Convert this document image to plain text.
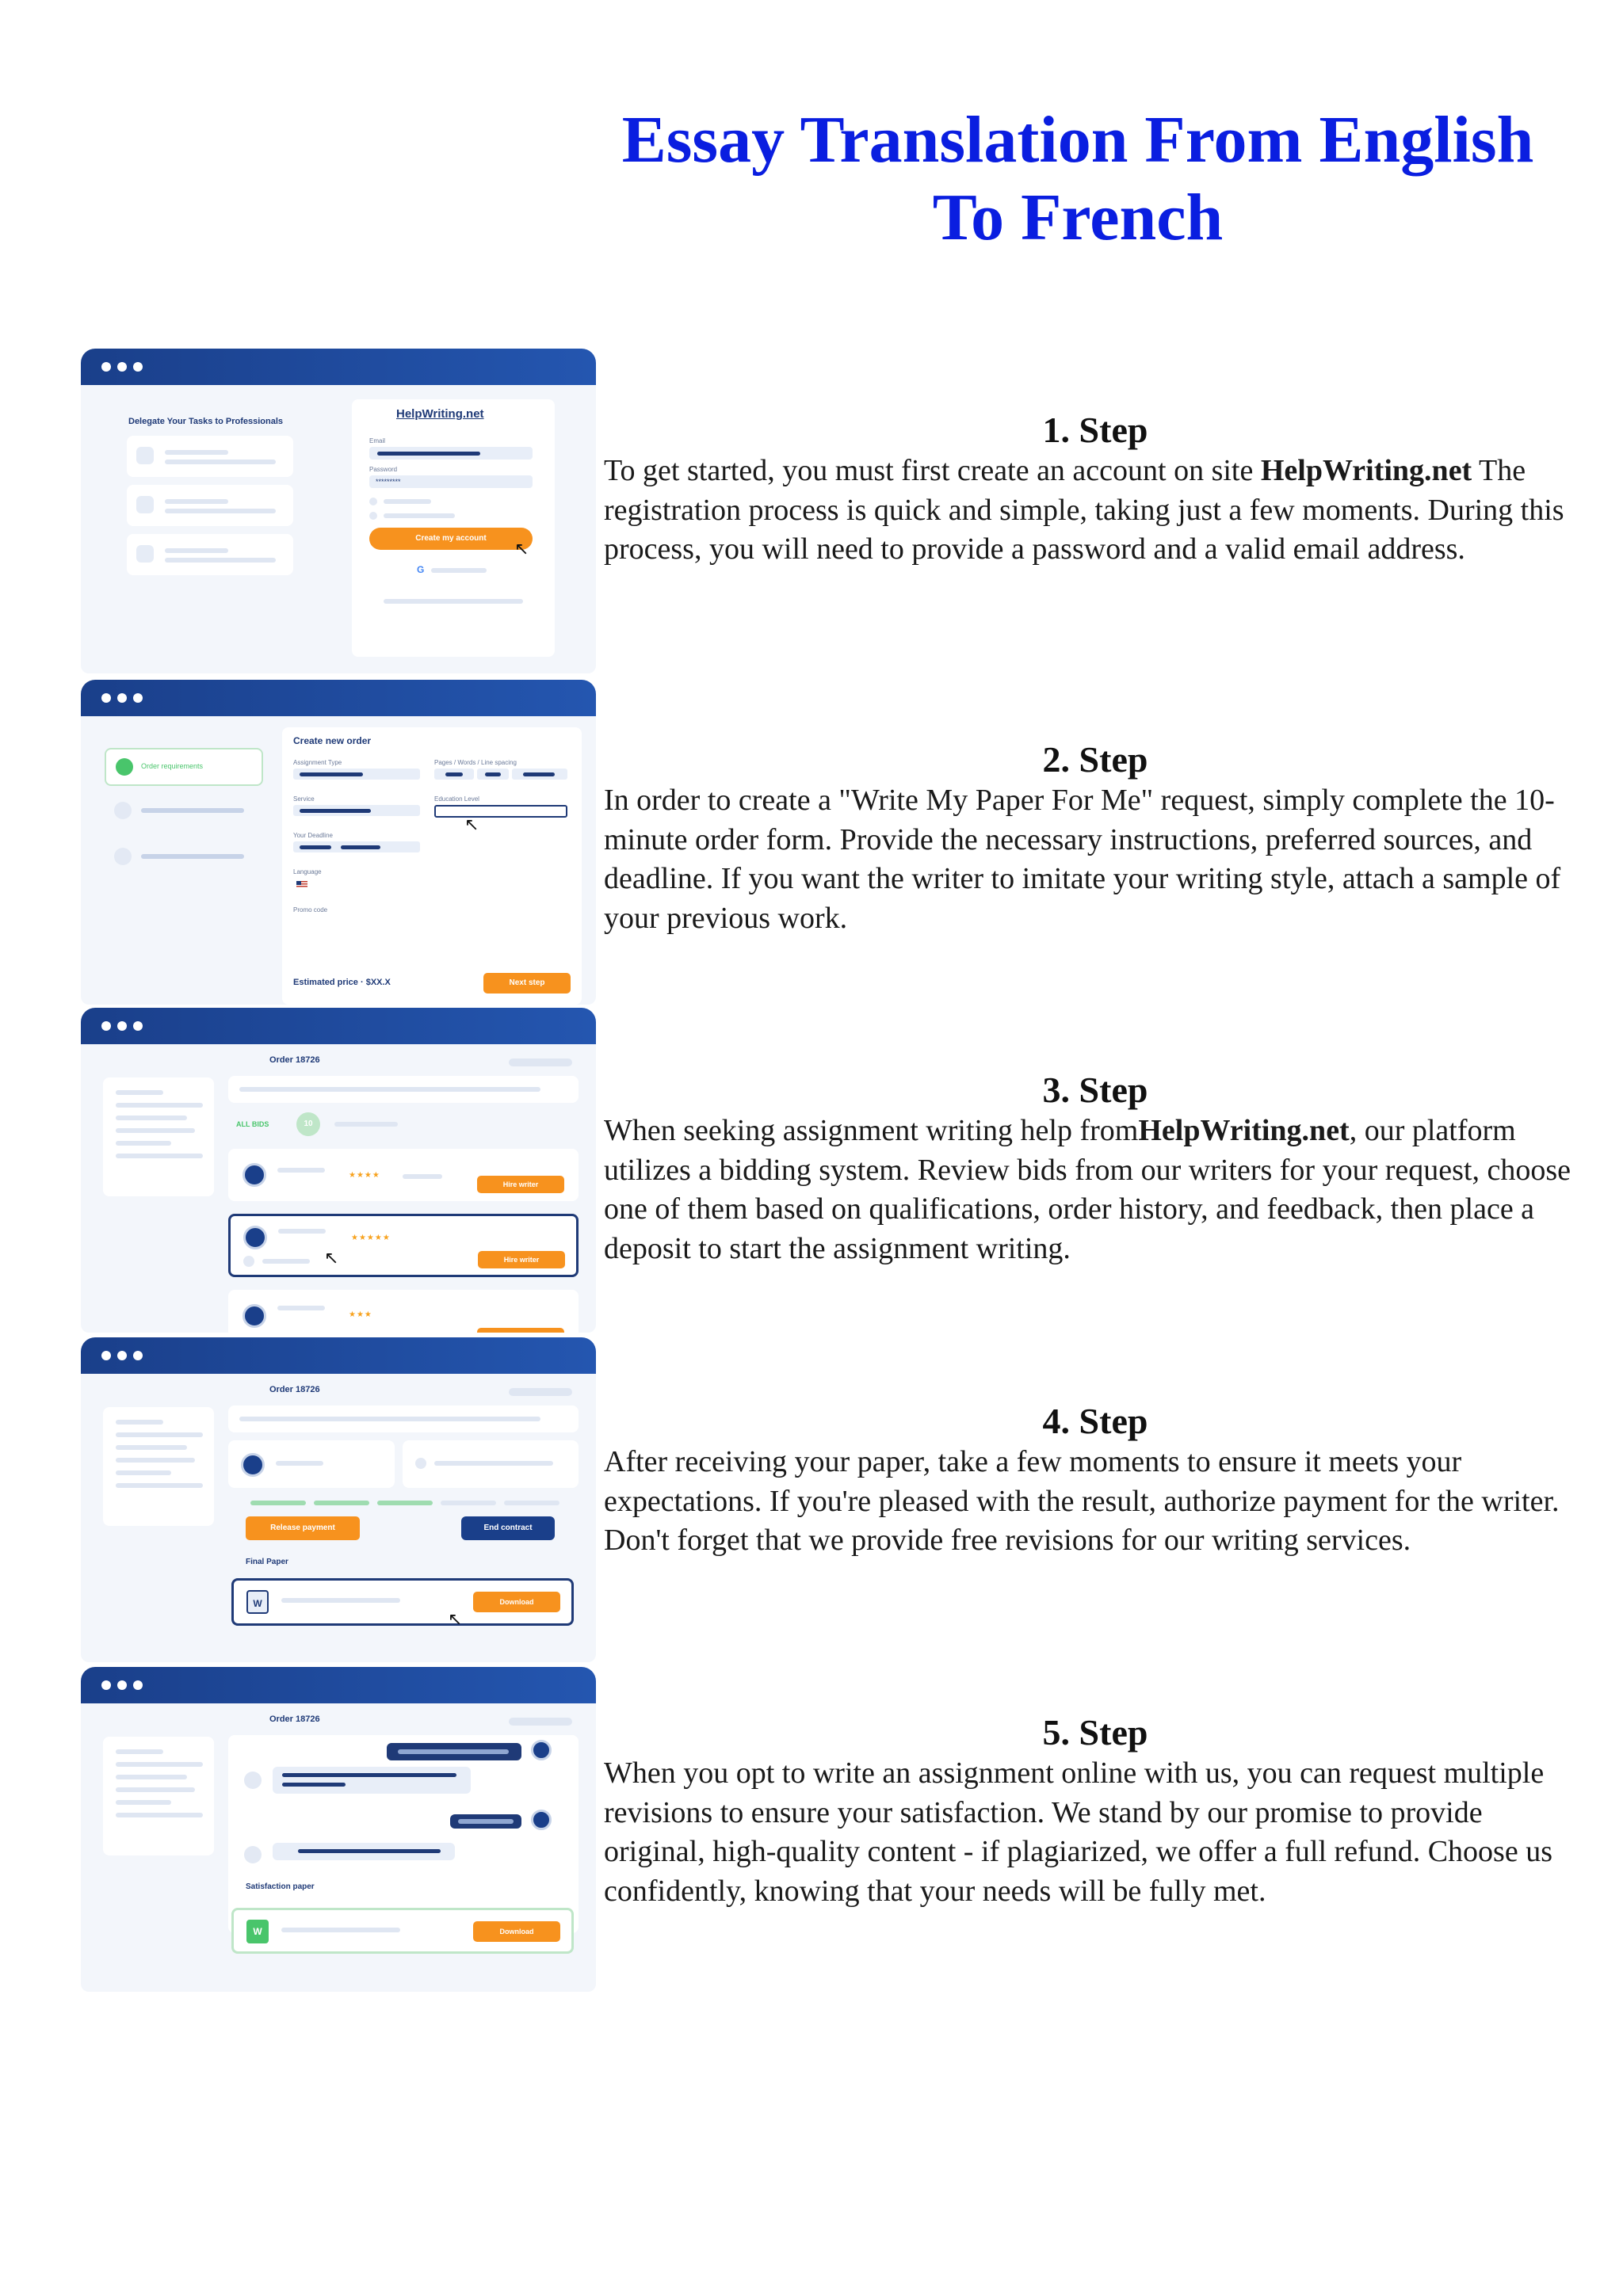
Essay Translation From English
To French
Delegate Your Tasks to Professionals
HelpWriting.net
Email
Password
*********
Create my account
↖
G
Order requirements
Create new order
Assignment Type	Pages / Words / Line spacing
Service	Education Level
↖
Your Deadline
Language
Promo code
Estimated price · $XX.X	Next step
Order 18726
ALL BIDS	10
★★★★
Hire writer
★★★★★
↖	Hire writer
★★★
Order 18726
Release payment	End contract
Final Paper
W	Download
↖
Order 18726
Satisfaction paper
W	Download
1. Step

To get started, you must first create an account on site HelpWriting.net The registration process is quick and simple, taking just a few moments. During this process, you will need to provide a password and a valid email address.

2. Step

In order to create a "Write My Paper For Me" request, simply complete the 10-minute order form. Provide the necessary instructions, preferred sources, and deadline. If you want the writer to imitate your writing style, attach a sample of your previous work.

3. Step

When seeking assignment writing help fromHelpWriting.net, our platform utilizes a bidding system. Review bids from our writers for your request, choose one of them based on qualifications, order history, and feedback, then place a deposit to start the assignment writing.

4. Step

After receiving your paper, take a few moments to ensure it meets your expectations. If you're pleased with the result, authorize payment for the writer. Don't forget that we provide free revisions for our writing services.

5. Step

When you opt to write an assignment online with us, you can request multiple revisions to ensure your satisfaction. We stand by our promise to provide original, high-quality content - if plagiarized, we offer a full refund. Choose us confidently, knowing that your needs will be fully met.
